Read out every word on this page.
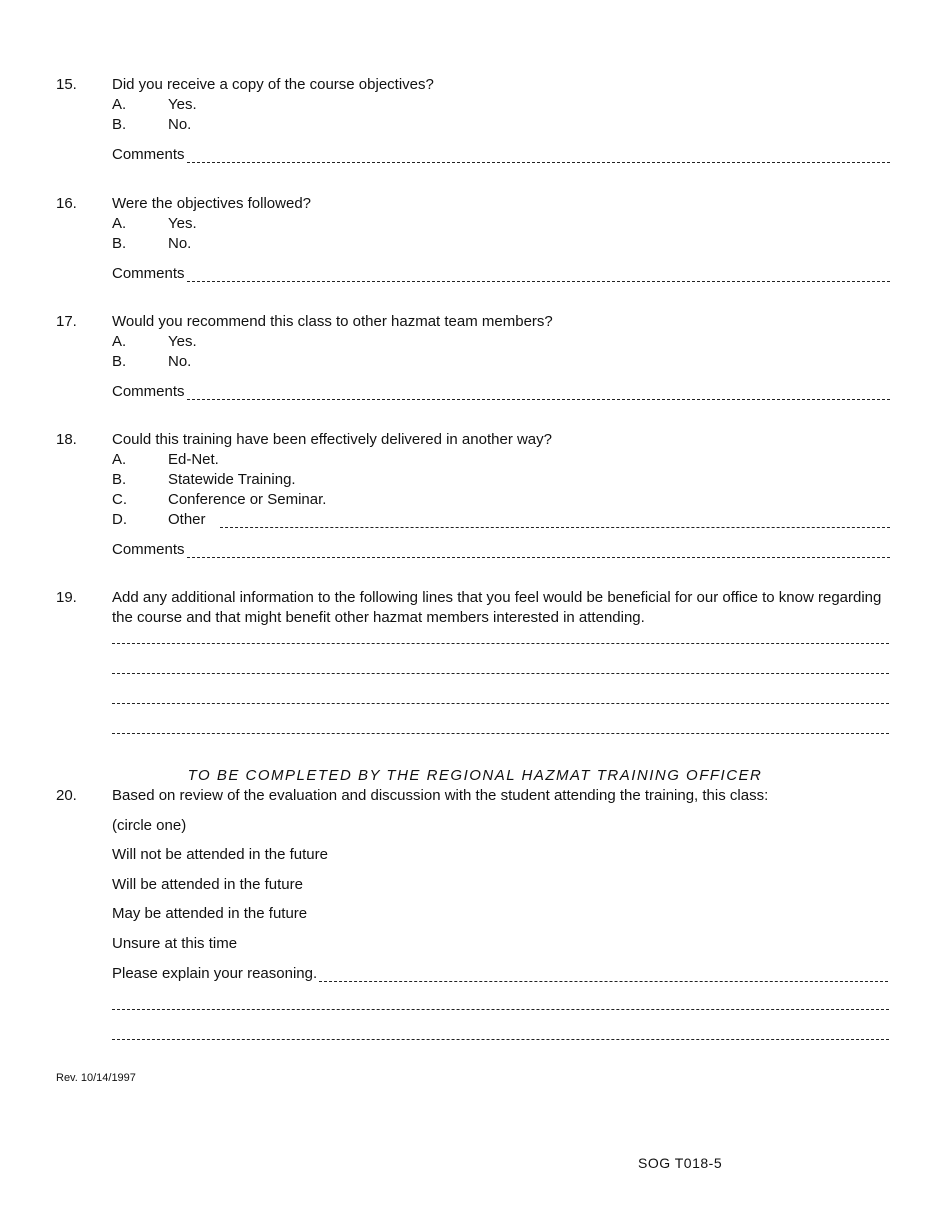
15. Did you receive a copy of the course objectives?
A.	Yes.
B.	No.
Comments
16. Were the objectives followed?
A.	Yes.
B.	No.
Comments
17. Would you recommend this class to other hazmat team members?
A.	Yes.
B.	No.
Comments
18. Could this training have been effectively delivered in another way?
A.	Ed-Net.
B.	Statewide Training.
C.	Conference or Seminar.
D.	Other
Comments
19. Add any additional information to the following lines that you feel would be beneficial for our office to know regarding the course and that might benefit other hazmat members interested in attending.
TO BE COMPLETED BY THE REGIONAL HAZMAT TRAINING OFFICER
20. Based on review of the evaluation and discussion with the student attending the training, this class:
(circle one)
Will not be attended in the future
Will be attended in the future
May be attended in the future
Unsure at this time
Please explain your reasoning.
Rev. 10/14/1997
SOG T018-5
